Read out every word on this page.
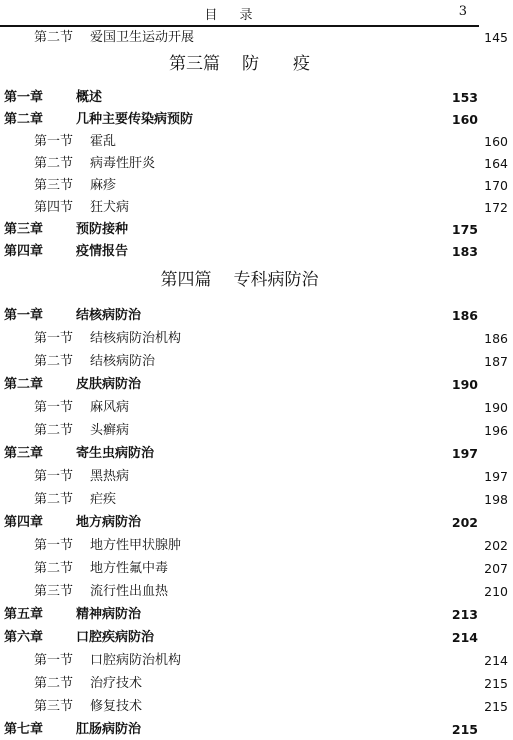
目录	3
第二节	爱国卫生运动开展	145
第三篇 防　　疫
第一章	概述	153
第二章	几种主要传染病预防	160
第一节	霍乱	160
第二节	病毒性肝炎	164
第三节	麻疹	170
第四节	狂犬病	172
第三章	预防接种	175
第四章	疫情报告	183
第四篇 专科病防治
第一章	结核病防治	186
第一节	结核病防治机构	186
第二节	结核病防治	187
第二章	皮肤病防治	190
第一节	麻风病	190
第二节	头癣病	196
第三章	寄生虫病防治	197
第一节	黑热病	197
第二节	疟疾	198
第四章	地方病防治	202
第一节	地方性甲状腺肿	202
第二节	地方性氟中毒	207
第三节	流行性出血热	210
第五章	精神病防治	213
第六章	口腔疾病防治	214
第一节	口腔病防治机构	214
第二节	治疗技术	215
第三节	修复技术	215
第七章	肛肠病防治	215
